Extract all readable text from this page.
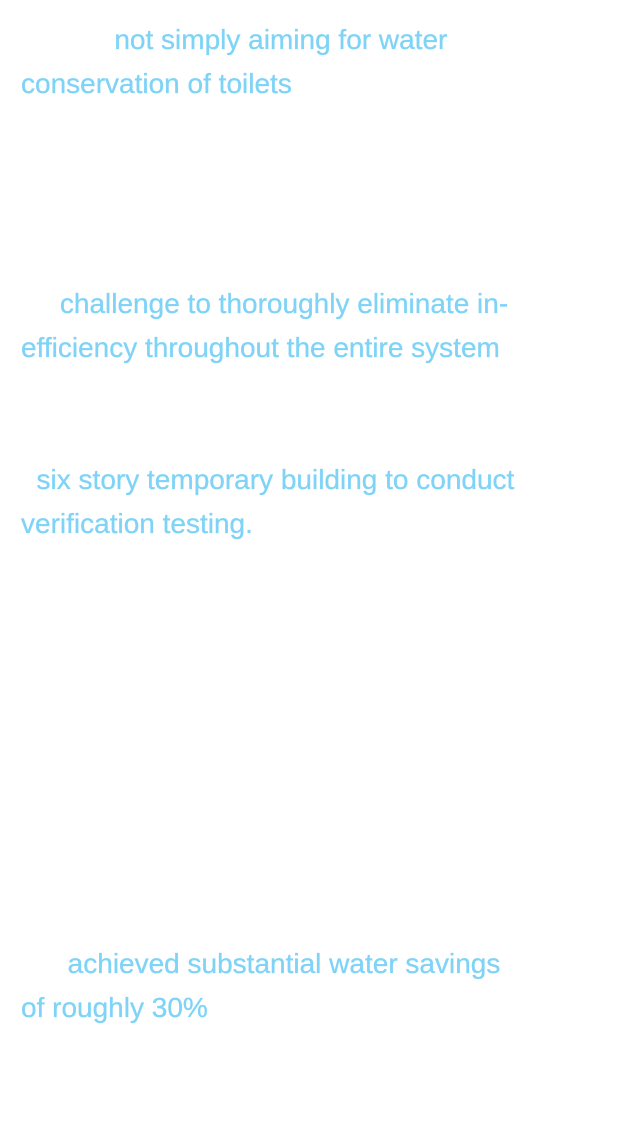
not simply aiming for water
conservation of toilets
challenge to thoroughly eliminate in-
efficiency throughout the entire system
six story temporary building to conduct
verification testing.
achieved substantial water savings
of roughly 30%
